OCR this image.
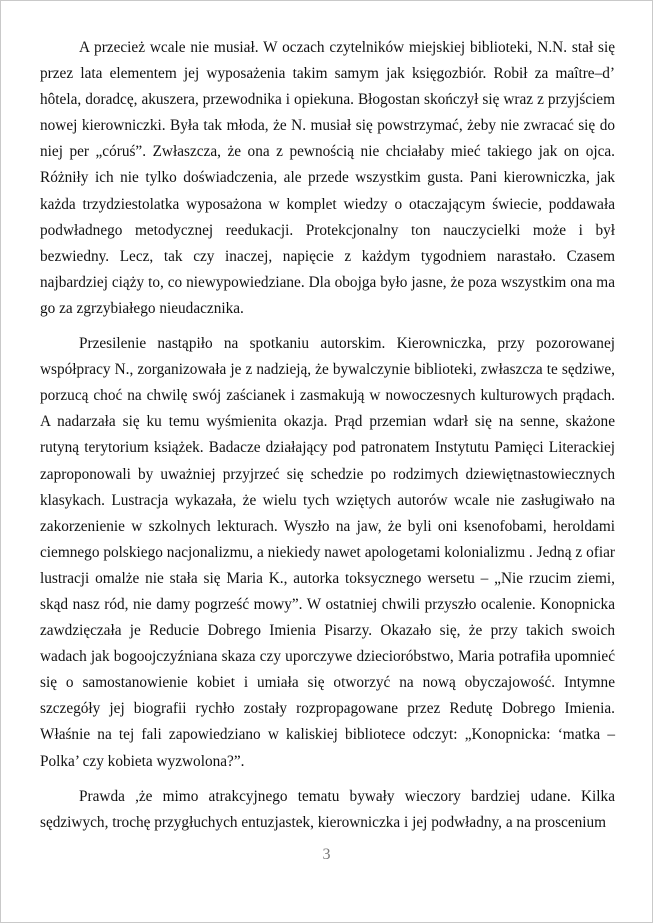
A przecież wcale nie musiał. W oczach czytelników miejskiej biblioteki, N.N. stał się przez lata elementem jej wyposażenia takim samym jak księgozbiór. Robił za maître–d’ hôtela, doradcę, akuszera, przewodnika i opiekuna. Błogostan skończył się wraz z przyjściem nowej kierowniczki. Była tak młoda, że N. musiał się powstrzymać, żeby nie zwracać się do niej per „córuś”. Zwłaszcza, że ona z pewnością nie chciałaby mieć takiego jak on ojca. Różniły ich nie tylko doświadczenia, ale przede wszystkim gusta. Pani kierowniczka, jak każda trzydziestolatka wyposażona w komplet wiedzy o otaczającym świecie, poddawała podwładnego metodycznej reedukacji. Protekcjonalny ton nauczycielki może i był bezwiedny. Lecz, tak czy inaczej, napięcie z każdym tygodniem narastało. Czasem najbardziej ciąży to, co niewypowiedziane. Dla obojga było jasne, że poza wszystkim ona ma go za zgrzybiałego nieudacznika.

Przesilenie nastąpiło na spotkaniu autorskim. Kierowniczka, przy pozorowanej współpracy N., zorganizowała je z nadzieją, że bywalczynie biblioteki, zwłaszcza te sędziwe, porzucą choć na chwilę swój zaścianek i zasmakują w nowoczesnych kulturowych prądach. A nadarzała się ku temu wyśmienita okazja. Prąd przemian wdarł się na senne, skażone rutyną terytorium książek. Badacze działający pod patronatem Instytutu Pamięci Literackiej zaproponowali by uważniej przyjrzeć się schedzie po rodzimych dziewiętnastowiecznych klasykach. Lustracja wykazała, że wielu tych wziętych autorów wcale nie zasługiwało na zakorzenienie w szkolnych lekturach. Wyszło na jaw, że byli oni ksenofobami, heroldami ciemnego polskiego nacjonalizmu, a niekiedy nawet apologetami kolonializmu . Jedną z ofiar lustracji omalże nie stała się Maria K., autorka toksycznego wersetu – „Nie rzucim ziemi, skąd nasz ród, nie damy pogrześć mowy”. W ostatniej chwili przyszło ocalenie. Konopnicka zawdzięczała je Reducie Dobrego Imienia Pisarzy. Okazało się, że przy takich swoich wadach jak bogoojczyźniana skaza czy uporczywe dziecioróbstwo, Maria potrafiła upomnieć się o samostanowienie kobiet i umiała się otworzyć na nową obyczajowość. Intymne szczegóły jej biografii rychło zostały rozpropagowane przez Redutę Dobrego Imienia. Właśnie na tej fali zapowiedziano w kaliskiej bibliotece odczyt: „Konopnicka: ‘matka – Polka’ czy kobieta wyzwolona?”.

Prawda ,że mimo atrakcyjnego tematu bywały wieczory bardziej udane. Kilka sędziwych, trochę przygłuchych entuzjastek, kierowniczka i jej podwładny, a na proscenium

3
